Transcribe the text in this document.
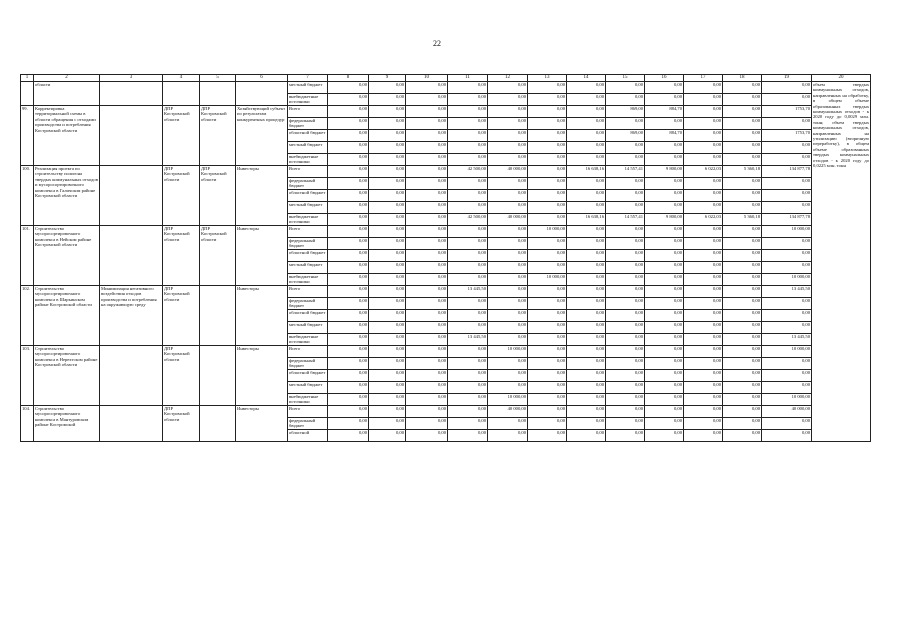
22
1	2	3	4	5	6	7	8	9	10	11	12	13	14	15	16	17	18	19	20
	области					местный бюджет	0,00	0,00	0,00	0,00	0,00	0,00	0,00	0,00	0,00	0,00	0,00	0,00	объем твердых коммунальных отходов, направленных на обработку, в общем объеме образованных твердых коммунальных отходов - к 2020 году до 0,0029 млн. тонн; объем твердых коммунальных отходов, направленных на утилизацию (вторичную переработку), в общем объеме образованных твердых коммунальных отходов - к 2020 году до 0,0225 млн. тонн
						внебюджетные источники	0,00	0,00	0,00	0,00	0,00	0,00	0,00	0,00	0,00	0,00	0,00	0,00	
99.	Корректировка территориальной схемы в области обращения с отходами производства и потребления Костромской области		ДПР Костромской области	ДПР Костромской области	Хозяйствующий субъект по результатам конкурентных процедур	Всего	0,00	0,00	0,00	0,00	0,00	0,00	0,00	869,00	884,70	0,00	0,00	1753,70	
						федеральный бюджет	0,00	0,00	0,00	0,00	0,00	0,00	0,00	0,00	0,00	0,00	0,00	0,00	
						областной бюджет	0,00	0,00	0,00	0,00	0,00	0,00	0,00	869,00	884,70	0,00	0,00	1753,70	
						местный бюджет	0,00	0,00	0,00	0,00	0,00	0,00	0,00	0,00	0,00	0,00	0,00	0,00	
						внебюджетные источники	0,00	0,00	0,00	0,00	0,00	0,00	0,00	0,00	0,00	0,00	0,00	0,00	
100.	Реализация проекта по строительству полигона твердых коммунальных отходов и мусоросортировочного комплекса в Галичском районе Костромской области		ДПР Костромской области	ДПР Костромской области	Инвесторы	Всего	0,00	0,00	0,00	42 500,00	40 000,00	0,00	16 638,16	14 557,41	9 800,00	6 022,03	5 360,18	134 877,78	
						федеральный бюджет	0,00	0,00	0,00	0,00	0,00	0,00	0,00	0,00	0,00	0,00	0,00	0,00	
						областной бюджет	0,00	0,00	0,00	0,00	0,00	0,00	0,00	0,00	0,00	0,00	0,00	0,00	
						местный бюджет	0,00	0,00	0,00	0,00	0,00	0,00	0,00	0,00	0,00	0,00	0,00	0,00	
						внебюджетные источники	0,00	0,00	0,00	42 500,00	40 000,00	0,00	16 638,16	14 557,41	9 800,00	6 022,03	5 360,18	134 877,78	
101.	Строительство мусоросортировочного комплекса в Нейском районе Костромской области		ДПР Костромской области	ДПР Костромской области	Инвесторы	Всего	0,00	0,00	0,00	0,00	0,00	10 000,00	0,00	0,00	0,00	0,00	0,00	10 000,00	
						федеральный бюджет	0,00	0,00	0,00	0,00	0,00	0,00	0,00	0,00	0,00	0,00	0,00	0,00	
						областной бюджет	0,00	0,00	0,00	0,00	0,00	0,00	0,00	0,00	0,00	0,00	0,00	0,00	
						местный бюджет	0,00	0,00	0,00	0,00	0,00	0,00	0,00	0,00	0,00	0,00	0,00	0,00	
						внебюджетные источники	0,00	0,00	0,00	0,00	0,00	10 000,00	0,00	0,00	0,00	0,00	0,00	10 000,00	
102.	Строительство мусоросортировочного комплекса в Шарьинском районе Костромской области	Минимизация негативного воздействия отходов производства и потребления на окружающую среду	ДПР Костромской области		Инвесторы	Всего	0,00	0,00	0,00	13 445,50	0,00	0,00	0,00	0,00	0,00	0,00	0,00	13 445,50	
						федеральный бюджет	0,00	0,00	0,00	0,00	0,00	0,00	0,00	0,00	0,00	0,00	0,00	0,00	
						областной бюджет	0,00	0,00	0,00	0,00	0,00	0,00	0,00	0,00	0,00	0,00	0,00	0,00	
						местный бюджет	0,00	0,00	0,00	0,00	0,00	0,00	0,00	0,00	0,00	0,00	0,00	0,00	
						внебюджетные источники	0,00	0,00	0,00	13 445,50	0,00	0,00	0,00	0,00	0,00	0,00	0,00	13 445,50	
103.	Строительство мусоросортировочного комплекса в Нерехтском районе Костромской области		ДПР Костромской области		Инвесторы	Всего	0,00	0,00	0,00	0,00	10 000,00	0,00	0,00	0,00	0,00	0,00	0,00	10 000,00	
						федеральный бюджет	0,00	0,00	0,00	0,00	0,00	0,00	0,00	0,00	0,00	0,00	0,00	0,00	
						областной бюджет	0,00	0,00	0,00	0,00	0,00	0,00	0,00	0,00	0,00	0,00	0,00	0,00	
						местный бюджет	0,00	0,00	0,00	0,00	0,00	0,00	0,00	0,00	0,00	0,00	0,00	0,00	
						внебюджетные источники	0,00	0,00	0,00	0,00	10 000,00	0,00	0,00	0,00	0,00	0,00	0,00	10 000,00	
104.	Строительство мусоросортировочного комплекса в Мантуровском районе Костромской		ДПР Костромской области		Инвесторы	Всего	0,00	0,00	0,00	0,00	40 000,00	0,00	0,00	0,00	0,00	0,00	0,00	40 000,00	
						федеральный бюджет	0,00	0,00	0,00	0,00	0,00	0,00	0,00	0,00	0,00	0,00	0,00	0,00	
						областной	0,00	0,00	0,00	0,00	0,00	0,00	0,00	0,00	0,00	0,00	0,00	0,00	
